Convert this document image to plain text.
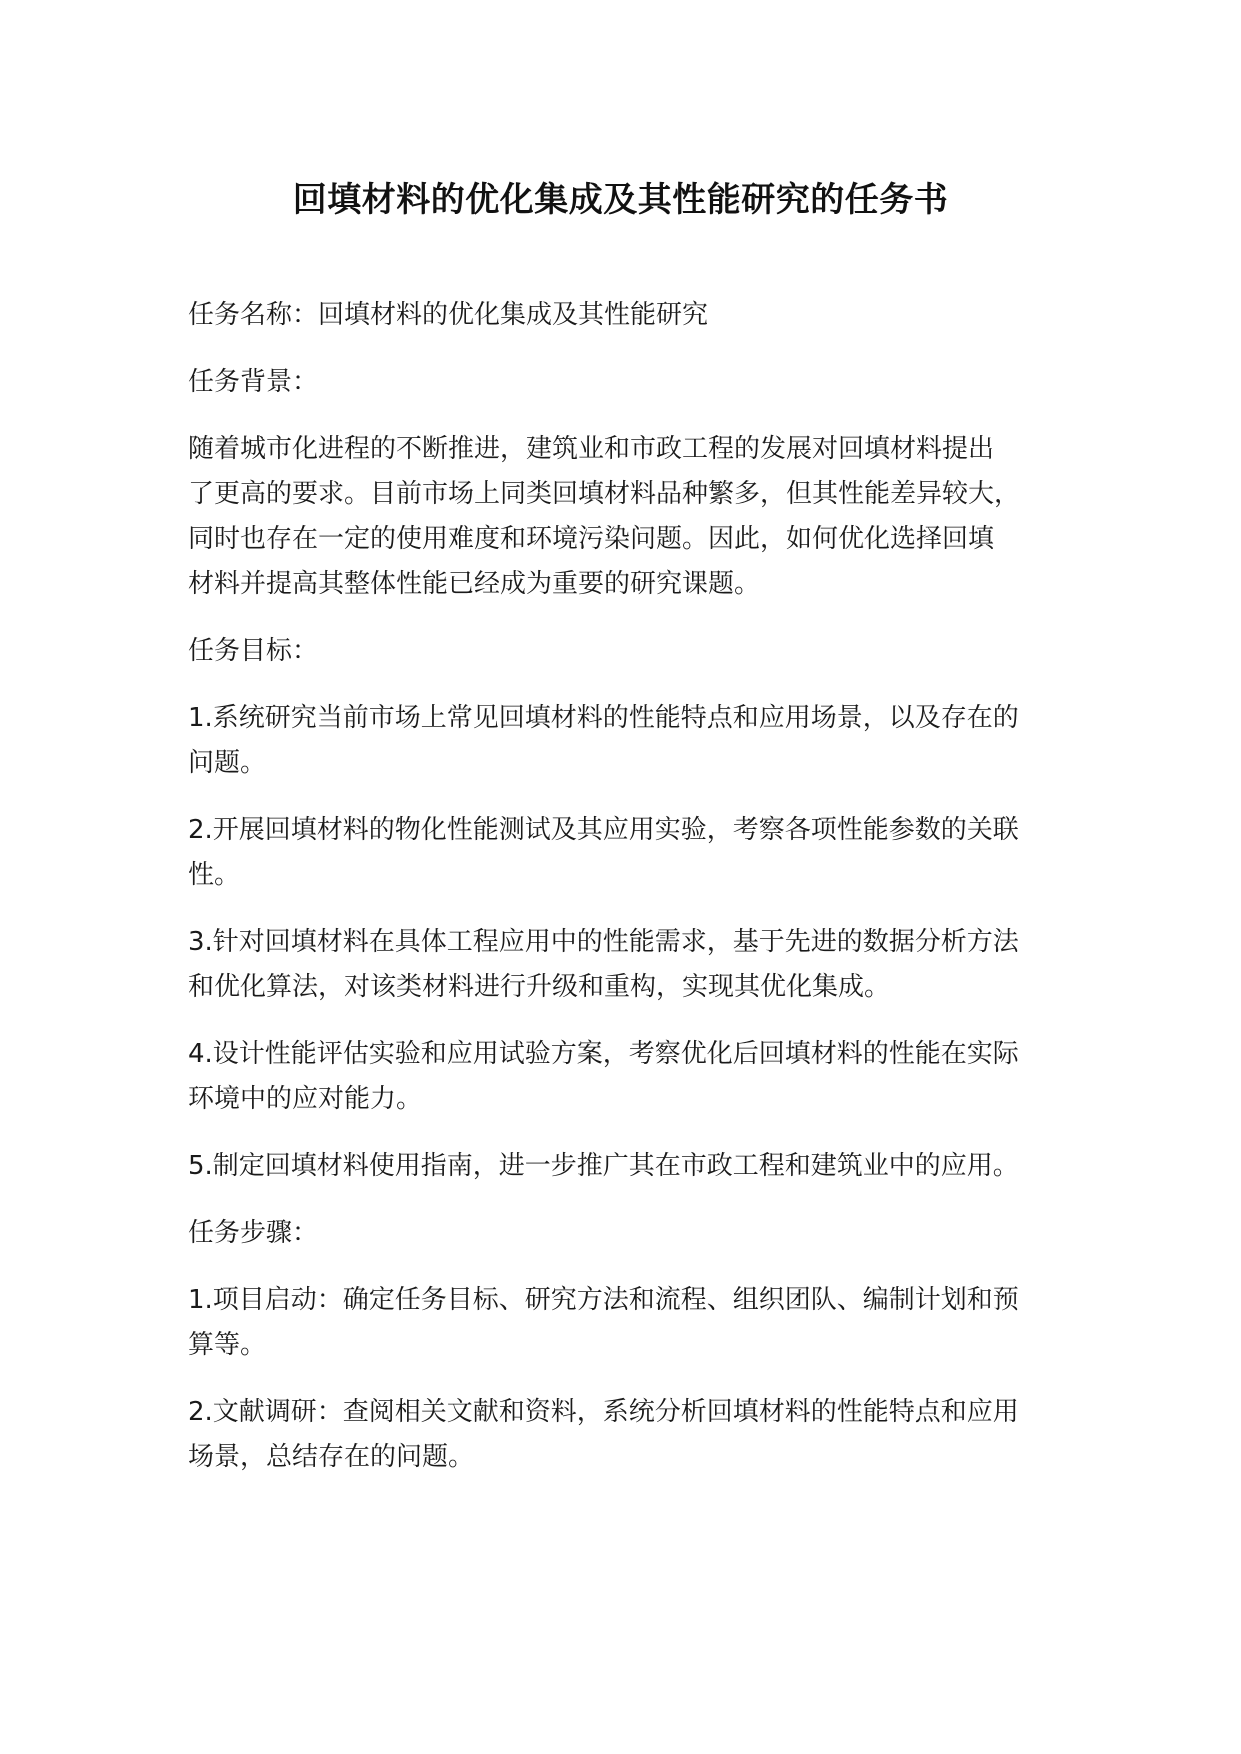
回填材料的优化集成及其性能研究的任务书

任务名称：回填材料的优化集成及其性能研究

任务背景：

随着城市化进程的不断推进，建筑业和市政工程的发展对回填材料提出
了更高的要求。目前市场上同类回填材料品种繁多，但其性能差异较大，
同时也存在一定的使用难度和环境污染问题。因此，如何优化选择回填
材料并提高其整体性能已经成为重要的研究课题。

任务目标：

1.系统研究当前市场上常见回填材料的性能特点和应用场景，以及存在的
问题。

2.开展回填材料的物化性能测试及其应用实验，考察各项性能参数的关联
性。

3.针对回填材料在具体工程应用中的性能需求，基于先进的数据分析方法
和优化算法，对该类材料进行升级和重构，实现其优化集成。

4.设计性能评估实验和应用试验方案，考察优化后回填材料的性能在实际
环境中的应对能力。

5.制定回填材料使用指南，进一步推广其在市政工程和建筑业中的应用。

任务步骤：

1.项目启动：确定任务目标、研究方法和流程、组织团队、编制计划和预
算等。

2.文献调研：查阅相关文献和资料，系统分析回填材料的性能特点和应用
场景，总结存在的问题。
